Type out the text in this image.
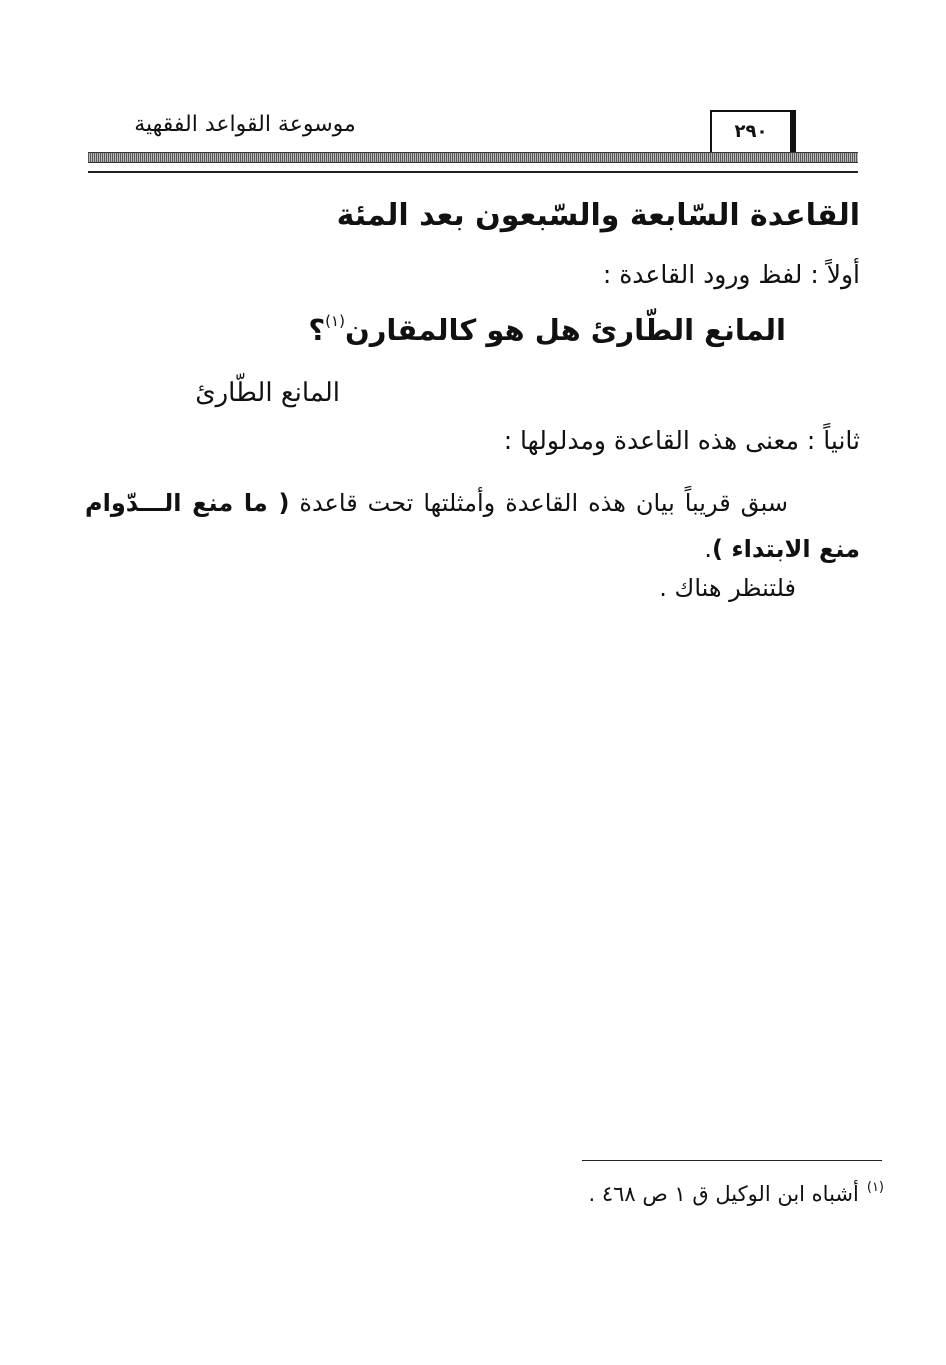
٢٩٠
موسوعة القواعد الفقهية
القاعدة السّابعة والسّبعون بعد المئة
أولاً : لفظ ورود القاعدة :
المانع الطّارئ هل هو كالمقارن$^{(١)}$؟
المانع الطّارئ
ثانياً : معنى هذه القاعدة ومدلولها :
سبق قريباً بيان هذه القاعدة وأمثلتها تحت قاعدة ( ما منع الـــدّوام منع الابتداء ).
فلتنظر هناك .
$^{(١)}$أشباه ابن الوكيل ق ١ ص ٤٦٨ .
